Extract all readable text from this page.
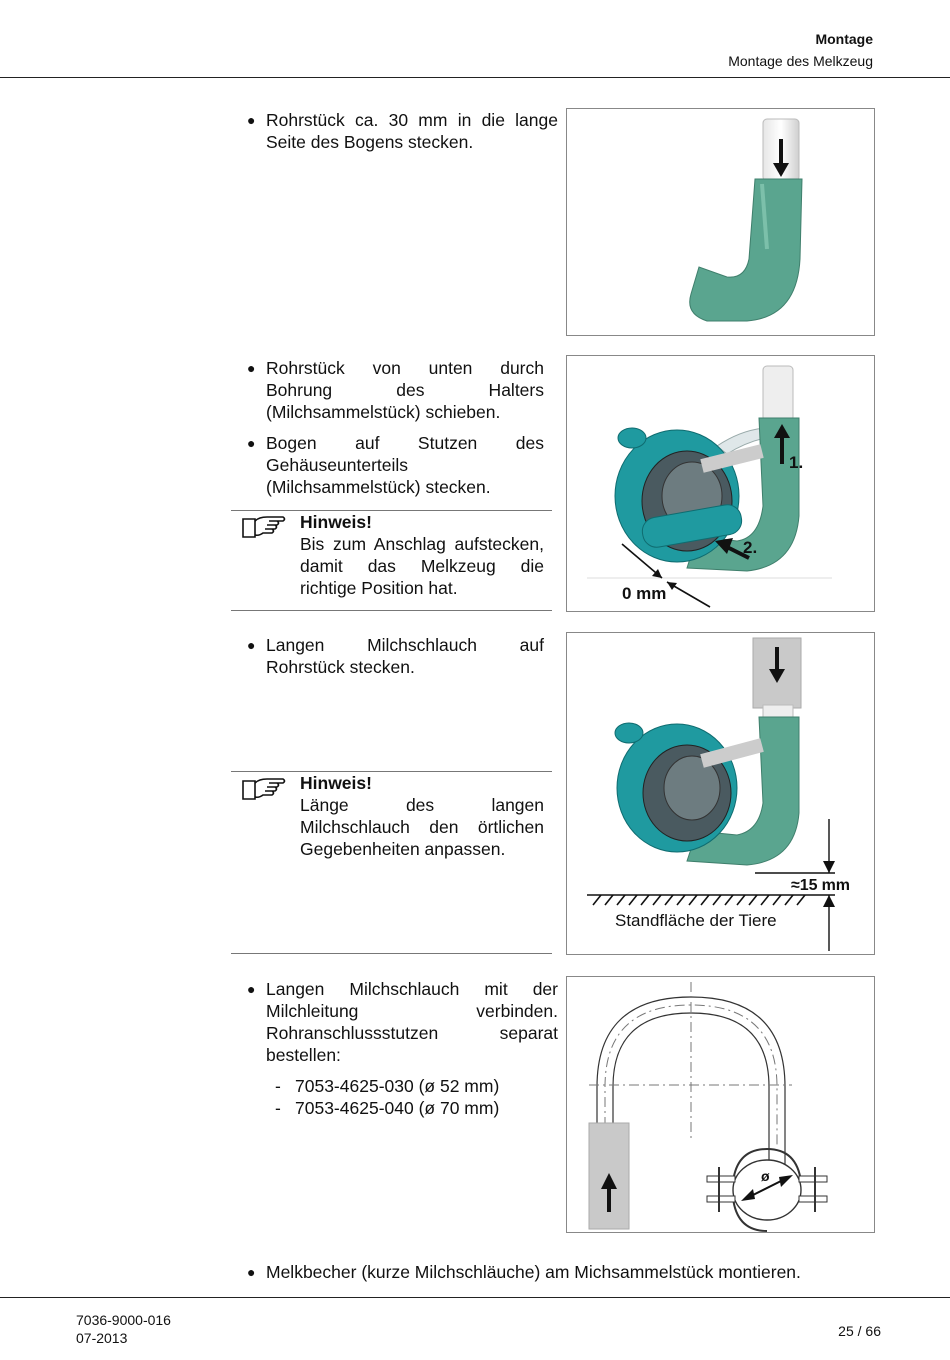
Montage
Montage des Melkzeug
● Rohrstück ca. 30 mm in die lange Seite des Bogens stecken.
● Rohrstück von unten durch Bohrung des Halters (Milchsammelstück) schieben.
● Bogen auf Stutzen des Gehäuseunterteils (Milchsammelstück) stecken.
Hinweis!
Bis zum Anschlag aufstecken, damit das Melkzeug die richtige Position hat.
1.
2.
0 mm
● Langen Milchschlauch auf Rohrstück stecken.
Hinweis!
Länge des langen Milchschlauch den örtlichen Gegebenheiten anpassen.
≈15 mm
Standfläche der Tiere
● Langen Milchschlauch mit der Milchleitung verbinden. Rohranschlussstutzen separat bestellen:
- 7053-4625-030 (ø 52 mm)
- 7053-4625-040 (ø 70 mm)
ø
● Melkbecher (kurze Milchschläuche) am Michsammelstück montieren.
7036-9000-016
07-2013	25 / 66
